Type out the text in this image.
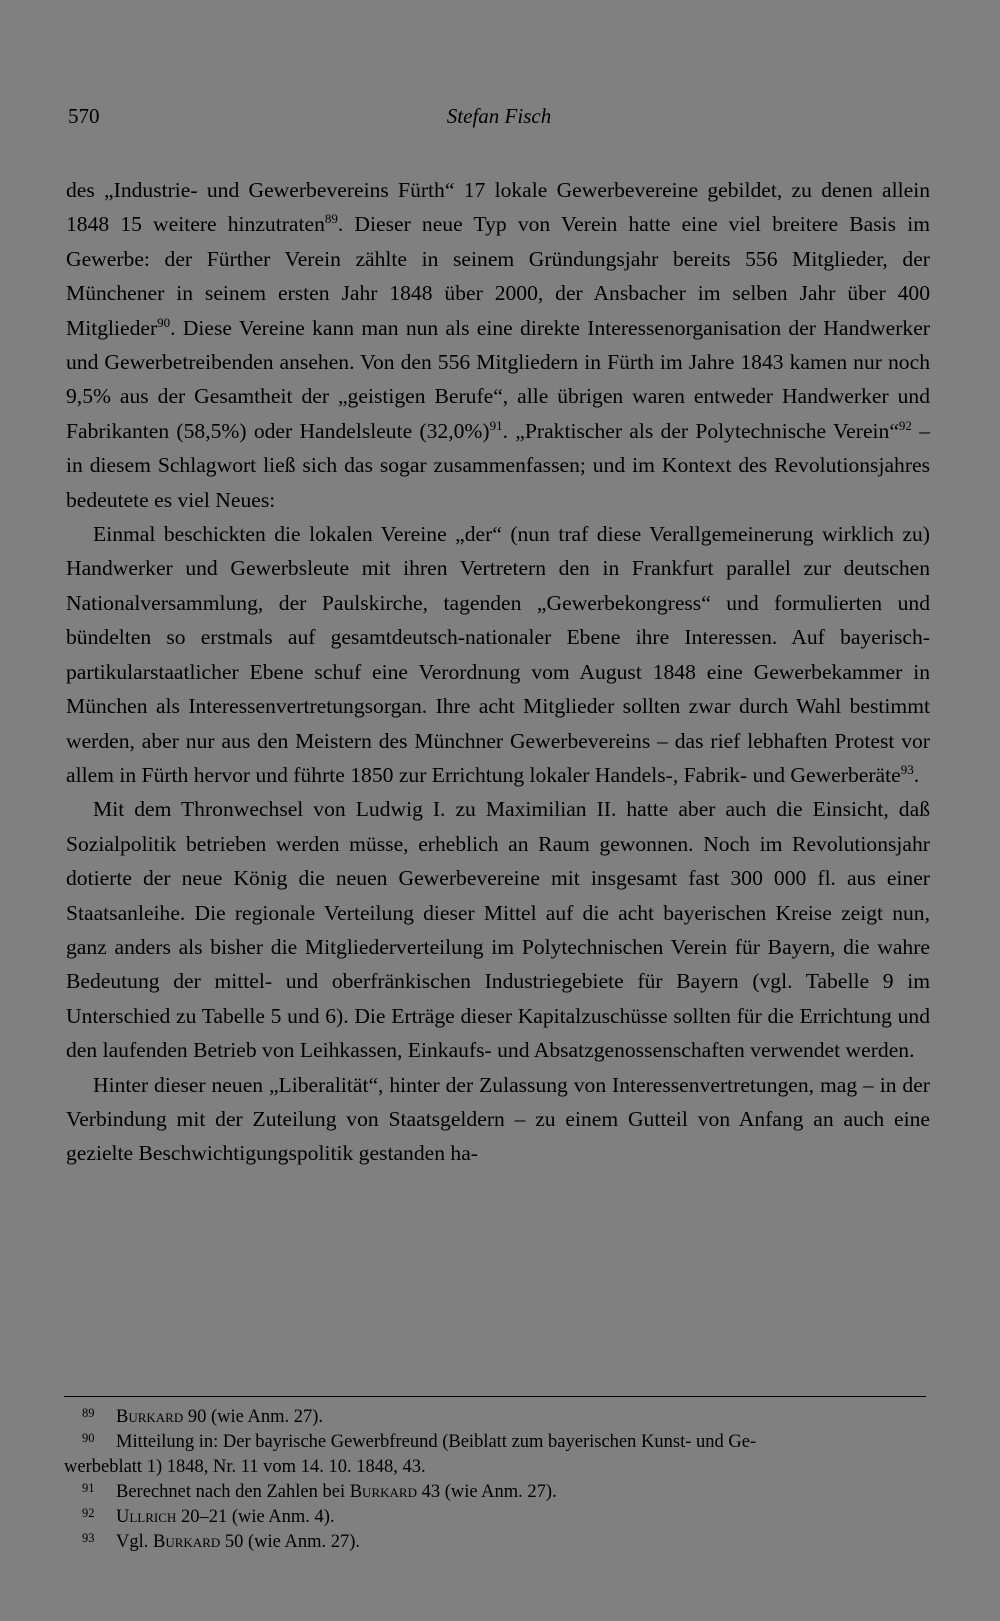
570	Stefan Fisch

des „Industrie- und Gewerbevereins Fürth“ 17 lokale Gewerbevereine gebildet, zu denen allein 1848 15 weitere hinzutraten$^{89}$. Dieser neue Typ von Verein hatte eine viel breitere Basis im Gewerbe: der Fürther Verein zählte in seinem Gründungsjahr bereits 556 Mitglieder, der Münchener in seinem ersten Jahr 1848 über 2000, der Ansbacher im selben Jahr über 400 Mitglieder$^{90}$. Diese Vereine kann man nun als eine direkte Interessenorganisation der Handwerker und Gewerbetreibenden ansehen. Von den 556 Mitgliedern in Fürth im Jahre 1843 kamen nur noch 9,5% aus der Gesamtheit der „geistigen Berufe“, alle übrigen waren entweder Handwerker und Fabrikanten (58,5%) oder Handelsleute $(32,0\%)^{91}$. „Praktischer als der Polytechnische Verein“$^{92}$ – in diesem Schlagwort ließ sich das sogar zusammenfassen; und im Kontext des Revolutionsjahres bedeutete es viel Neues:

Einmal beschickten die lokalen Vereine „der“ (nun traf diese Verallgemeinerung wirklich zu) Handwerker und Gewerbsleute mit ihren Vertretern den in Frankfurt parallel zur deutschen Nationalversammlung, der Paulskirche, tagenden „Gewerbekongress“ und formulierten und bündelten so erstmals auf gesamtdeutsch-nationaler Ebene ihre Interessen. Auf bayerisch-partikularstaatlicher Ebene schuf eine Verordnung vom August 1848 eine Gewerbekammer in München als Interessenvertretungsorgan. Ihre acht Mitglieder sollten zwar durch Wahl bestimmt werden, aber nur aus den Meistern des Münchner Gewerbevereins – das rief lebhaften Protest vor allem in Fürth hervor und führte 1850 zur Errichtung lokaler Handels-, Fabrik- und Gewerberäte$^{93}$.

Mit dem Thronwechsel von Ludwig I. zu Maximilian II. hatte aber auch die Einsicht, daß Sozialpolitik betrieben werden müsse, erheblich an Raum gewonnen. Noch im Revolutionsjahr dotierte der neue König die neuen Gewerbevereine mit insgesamt fast 300 000 fl. aus einer Staatsanleihe. Die regionale Verteilung dieser Mittel auf die acht bayerischen Kreise zeigt nun, ganz anders als bisher die Mitgliederverteilung im Polytechnischen Verein für Bayern, die wahre Bedeutung der mittel- und oberfränkischen Industriegebiete für Bayern (vgl. Tabelle 9 im Unterschied zu Tabelle 5 und 6). Die Erträge dieser Kapitalzuschüsse sollten für die Errichtung und den laufenden Betrieb von Leihkassen, Einkaufs- und Absatzgenossenschaften verwendet werden.

Hinter dieser neuen „Liberalität“, hinter der Zulassung von Interessenvertretungen, mag – in der Verbindung mit der Zuteilung von Staatsgeldern – zu einem Gutteil von Anfang an auch eine gezielte Beschwichtigungspolitik gestanden ha-

89 Burkard 90 (wie Anm. 27).
90 Mitteilung in: Der bayrische Gewerbfreund (Beiblatt zum bayerischen Kunst- und Ge-
werbeblatt 1) 1848, Nr. 11 vom 14. 10. 1848, 43.
91 Berechnet nach den Zahlen bei Burkard 43 (wie Anm. 27).
92 Ullrich 20–21 (wie Anm. 4).
93 Vgl. Burkard 50 (wie Anm. 27).
